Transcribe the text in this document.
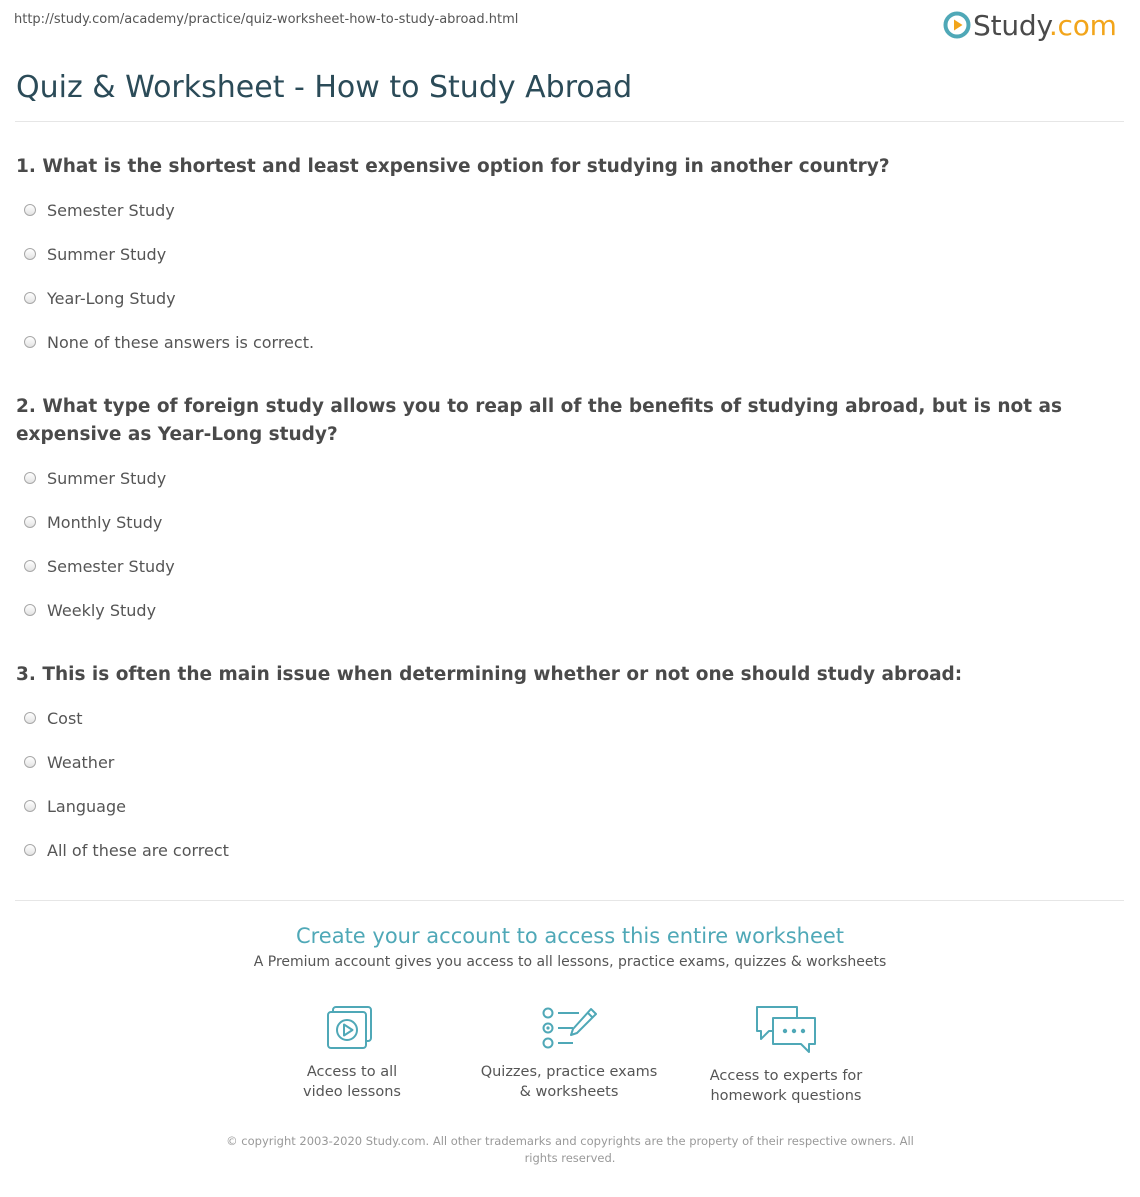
http://study.com/academy/practice/quiz-worksheet-how-to-study-abroad.html	Study.com
Quiz & Worksheet - How to Study Abroad
1. What is the shortest and least expensive option for studying in another country?
Semester Study
Summer Study
Year-Long Study
None of these answers is correct.
2. What type of foreign study allows you to reap all of the benefits of studying abroad, but is not as expensive as Year-Long study?
Summer Study
Monthly Study
Semester Study
Weekly Study
3. This is often the main issue when determining whether or not one should study abroad:
Cost
Weather
Language
All of these are correct
Create your account to access this entire worksheet
A Premium account gives you access to all lessons, practice exams, quizzes & worksheets
Access to all
video lessons
Quizzes, practice exams
& worksheets
Access to experts for
homework questions
© copyright 2003-2020 Study.com. All other trademarks and copyrights are the property of their respective owners. All rights reserved.
